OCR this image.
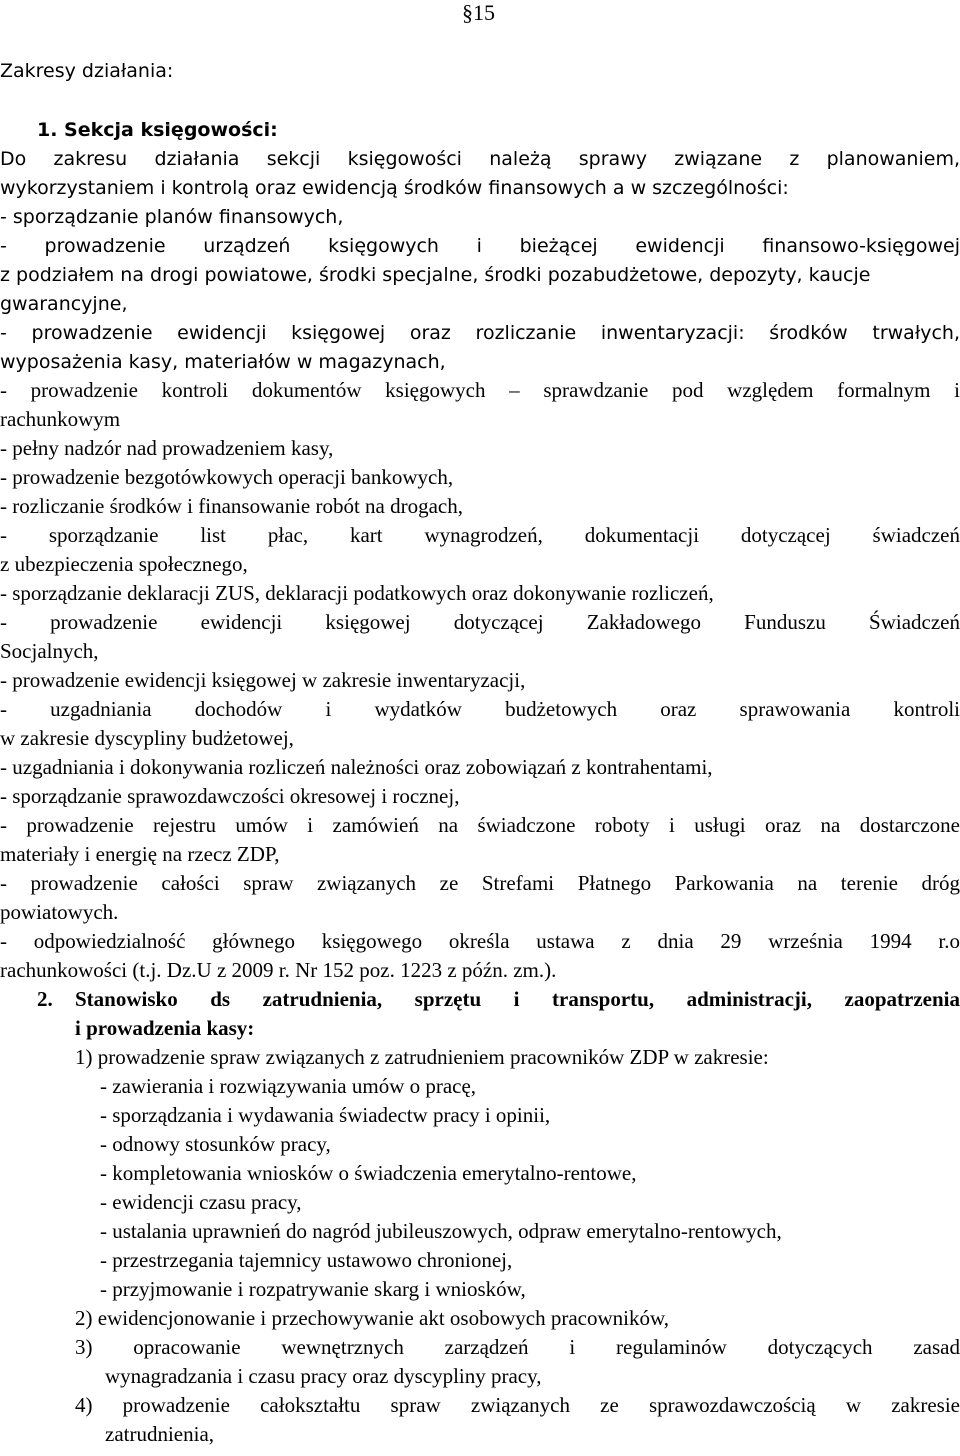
§15
Zakresy działania:
1. Sekcja księgowości:
Do zakresu działania sekcji księgowości należą sprawy związane z planowaniem,
wykorzystaniem i kontrolą oraz ewidencją środków finansowych a w szczególności:
- sporządzanie planów finansowych,
- prowadzenie urządzeń księgowych i bieżącej ewidencji finansowo-księgowej
z podziałem na drogi powiatowe, środki specjalne, środki pozabudżetowe, depozyty, kaucje
gwarancyjne,
- prowadzenie ewidencji księgowej oraz rozliczanie inwentaryzacji: środków trwałych,
wyposażenia kasy, materiałów w magazynach,
- prowadzenie kontroli dokumentów księgowych – sprawdzanie pod względem formalnym i
rachunkowym
- pełny nadzór nad prowadzeniem kasy,
- prowadzenie bezgotówkowych operacji bankowych,
- rozliczanie środków i finansowanie robót na drogach,
- sporządzanie list płac, kart wynagrodzeń, dokumentacji dotyczącej świadczeń
z ubezpieczenia społecznego,
- sporządzanie deklaracji ZUS, deklaracji podatkowych oraz dokonywanie rozliczeń,
- prowadzenie ewidencji księgowej dotyczącej Zakładowego Funduszu Świadczeń
Socjalnych,
- prowadzenie ewidencji księgowej w zakresie inwentaryzacji,
- uzgadniania dochodów i wydatków budżetowych oraz sprawowania kontroli
w zakresie dyscypliny budżetowej,
- uzgadniania i dokonywania rozliczeń należności oraz zobowiązań z kontrahentami,
- sporządzanie sprawozdawczości okresowej i rocznej,
- prowadzenie rejestru umów i zamówień na świadczone roboty i usługi oraz na dostarczone
materiały i energię na rzecz ZDP,
- prowadzenie całości spraw związanych ze Strefami Płatnego Parkowania na terenie dróg
powiatowych.
- odpowiedzialność głównego księgowego określa ustawa z dnia 29 września 1994 r.o
rachunkowości (t.j. Dz.U z 2009 r. Nr 152 poz. 1223 z późn. zm.).
2.	Stanowisko ds zatrudnienia, sprzętu i transportu, administracji, zaopatrzenia
i prowadzenia kasy:
1) prowadzenie spraw związanych z zatrudnieniem pracowników ZDP w zakresie:
- zawierania i rozwiązywania umów o pracę,
- sporządzania i wydawania świadectw pracy i opinii,
- odnowy stosunków pracy,
- kompletowania wniosków o świadczenia emerytalno-rentowe,
- ewidencji czasu pracy,
- ustalania uprawnień do nagród jubileuszowych, odpraw emerytalno-rentowych,
- przestrzegania tajemnicy ustawowo chronionej,
- przyjmowanie i rozpatrywanie skarg i wniosków,
2) ewidencjonowanie i przechowywanie akt osobowych pracowników,
3) opracowanie wewnętrznych zarządzeń i regulaminów dotyczących zasad
wynagradzania i czasu pracy oraz dyscypliny pracy,
4) prowadzenie całokształtu spraw związanych ze sprawozdawczością w zakresie
zatrudnienia,
